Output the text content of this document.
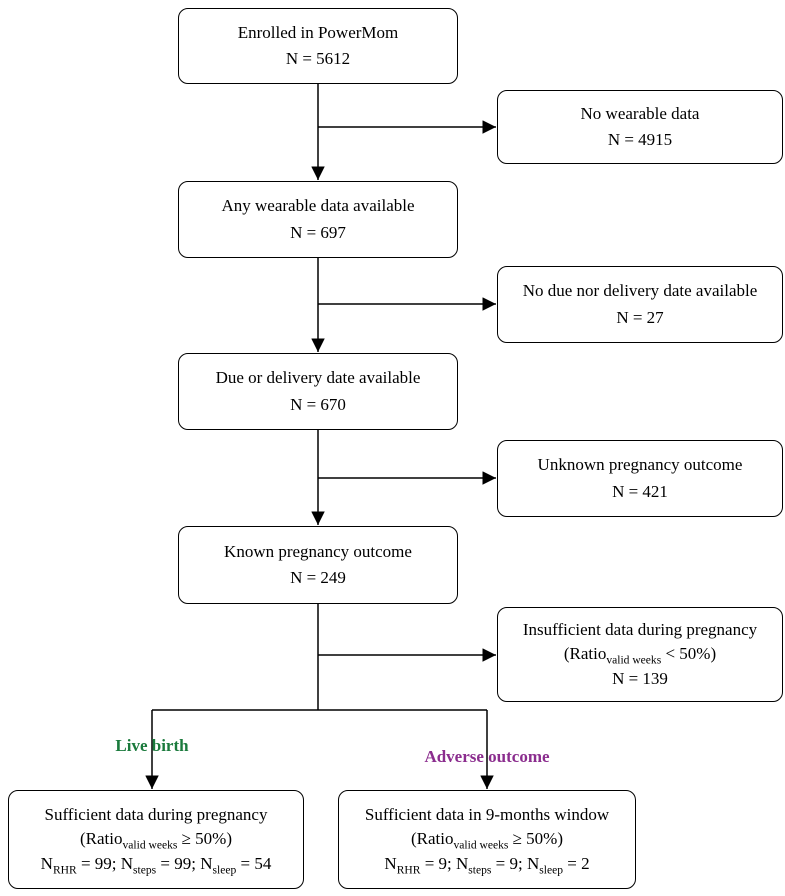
Enrolled in PowerMom
N = 5612
Any wearable data available
N = 697
Due or delivery date available
N = 670
Known pregnancy outcome
N = 249
No wearable data
N = 4915
No due nor delivery date available
N = 27
Unknown pregnancy outcome
N = 421
Insufficient data during pregnancy
(Ratio$_{valid weeks}$ < 50%)
N = 139
Live birth
Adverse outcome
Sufficient data during pregnancy
(Ratio$_{valid weeks}$ ≥ 50%)
$N_{RHR} = 99$; $N_{steps} = 99$; $N_{sleep} = 54$
Sufficient data in 9-months window
(Ratio$_{valid weeks}$ ≥ 50%)
$N_{RHR} = 9$; $N_{steps} = 9$; $N_{sleep} = 2$
